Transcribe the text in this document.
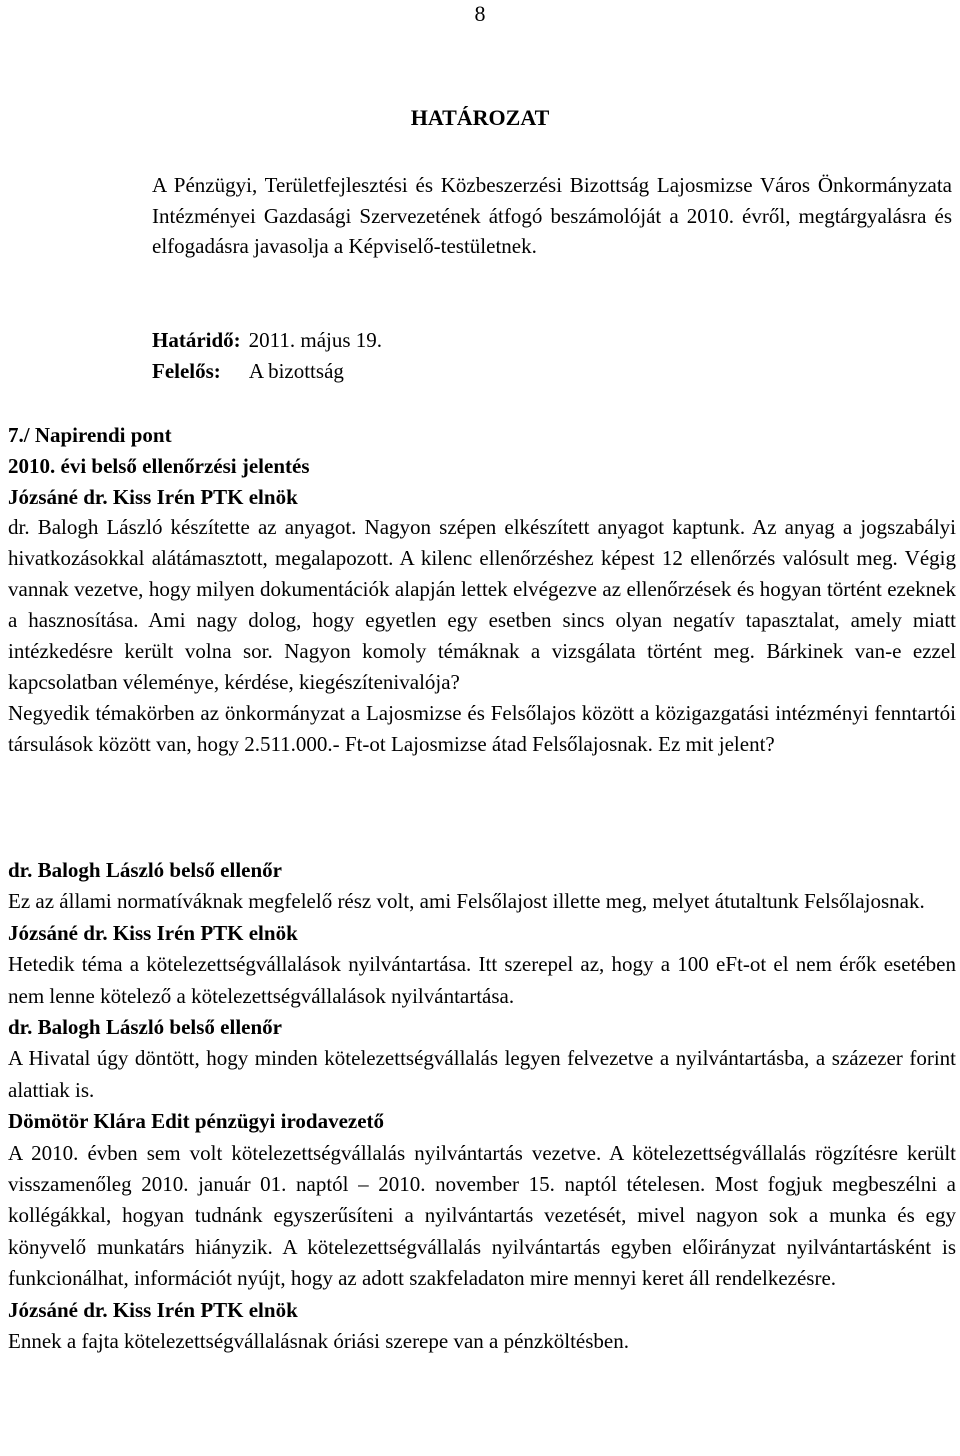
8
HATÁROZAT

A Pénzügyi, Területfejlesztési és Közbeszerzési Bizottság Lajosmizse Város Önkormányzata Intézményei Gazdasági Szervezetének átfogó beszámolóját a 2010. évről, megtárgyalásra és elfogadásra javasolja a Képviselő-testületnek.

Határidő: 2011. május 19.
Felelős: A bizottság
7./ Napirendi pont
2010. évi belső ellenőrzési jelentés
Józsáné dr. Kiss Irén PTK elnök

dr. Balogh László készítette az anyagot. Nagyon szépen elkészített anyagot kaptunk. Az anyag a jogszabályi hivatkozásokkal alátámasztott, megalapozott. A kilenc ellenőrzéshez képest 12 ellenőrzés valósult meg. Végig vannak vezetve, hogy milyen dokumentációk alapján lettek elvégezve az ellenőrzések és hogyan történt ezeknek a hasznosítása. Ami nagy dolog, hogy egyetlen egy esetben sincs olyan negatív tapasztalat, amely miatt intézkedésre került volna sor. Nagyon komoly témáknak a vizsgálata történt meg. Bárkinek van-e ezzel kapcsolatban véleménye, kérdése, kiegészítenivalója?

Negyedik témakörben az önkormányzat a Lajosmizse és Felsőlajos között a közigazgatási intézményi fenntartói társulások között van, hogy 2.511.000.- Ft-ot Lajosmizse átad Felsőlajosnak. Ez mit jelent?

dr. Balogh László belső ellenőr

Ez az állami normatíváknak megfelelő rész volt, ami Felsőlajost illette meg, melyet átutaltunk Felsőlajosnak.

Józsáné dr. Kiss Irén PTK elnök

Hetedik téma a kötelezettségvállalások nyilvántartása. Itt szerepel az, hogy a 100 eFt-ot el nem érők esetében nem lenne kötelező a kötelezettségvállalások nyilvántartása.

dr. Balogh László belső ellenőr

A Hivatal úgy döntött, hogy minden kötelezettségvállalás legyen felvezetve a nyilvántartásba, a százezer forint alattiak is.

Dömötör Klára Edit pénzügyi irodavezető

A 2010. évben sem volt kötelezettségvállalás nyilvántartás vezetve. A kötelezettségvállalás rögzítésre került visszamenőleg 2010. január 01. naptól – 2010. november 15. naptól tételesen. Most fogjuk megbeszélni a kollégákkal, hogyan tudnánk egyszerűsíteni a nyilvántartás vezetését, mivel nagyon sok a munka és egy könyvelő munkatárs hiányzik. A kötelezettségvállalás nyilvántartás egyben előirányzat nyilvántartásként is funkcionálhat, információt nyújt, hogy az adott szakfeladaton mire mennyi keret áll rendelkezésre.

Józsáné dr. Kiss Irén PTK elnök

Ennek a fajta kötelezettségvállalásnak óriási szerepe van a pénzköltésben.
